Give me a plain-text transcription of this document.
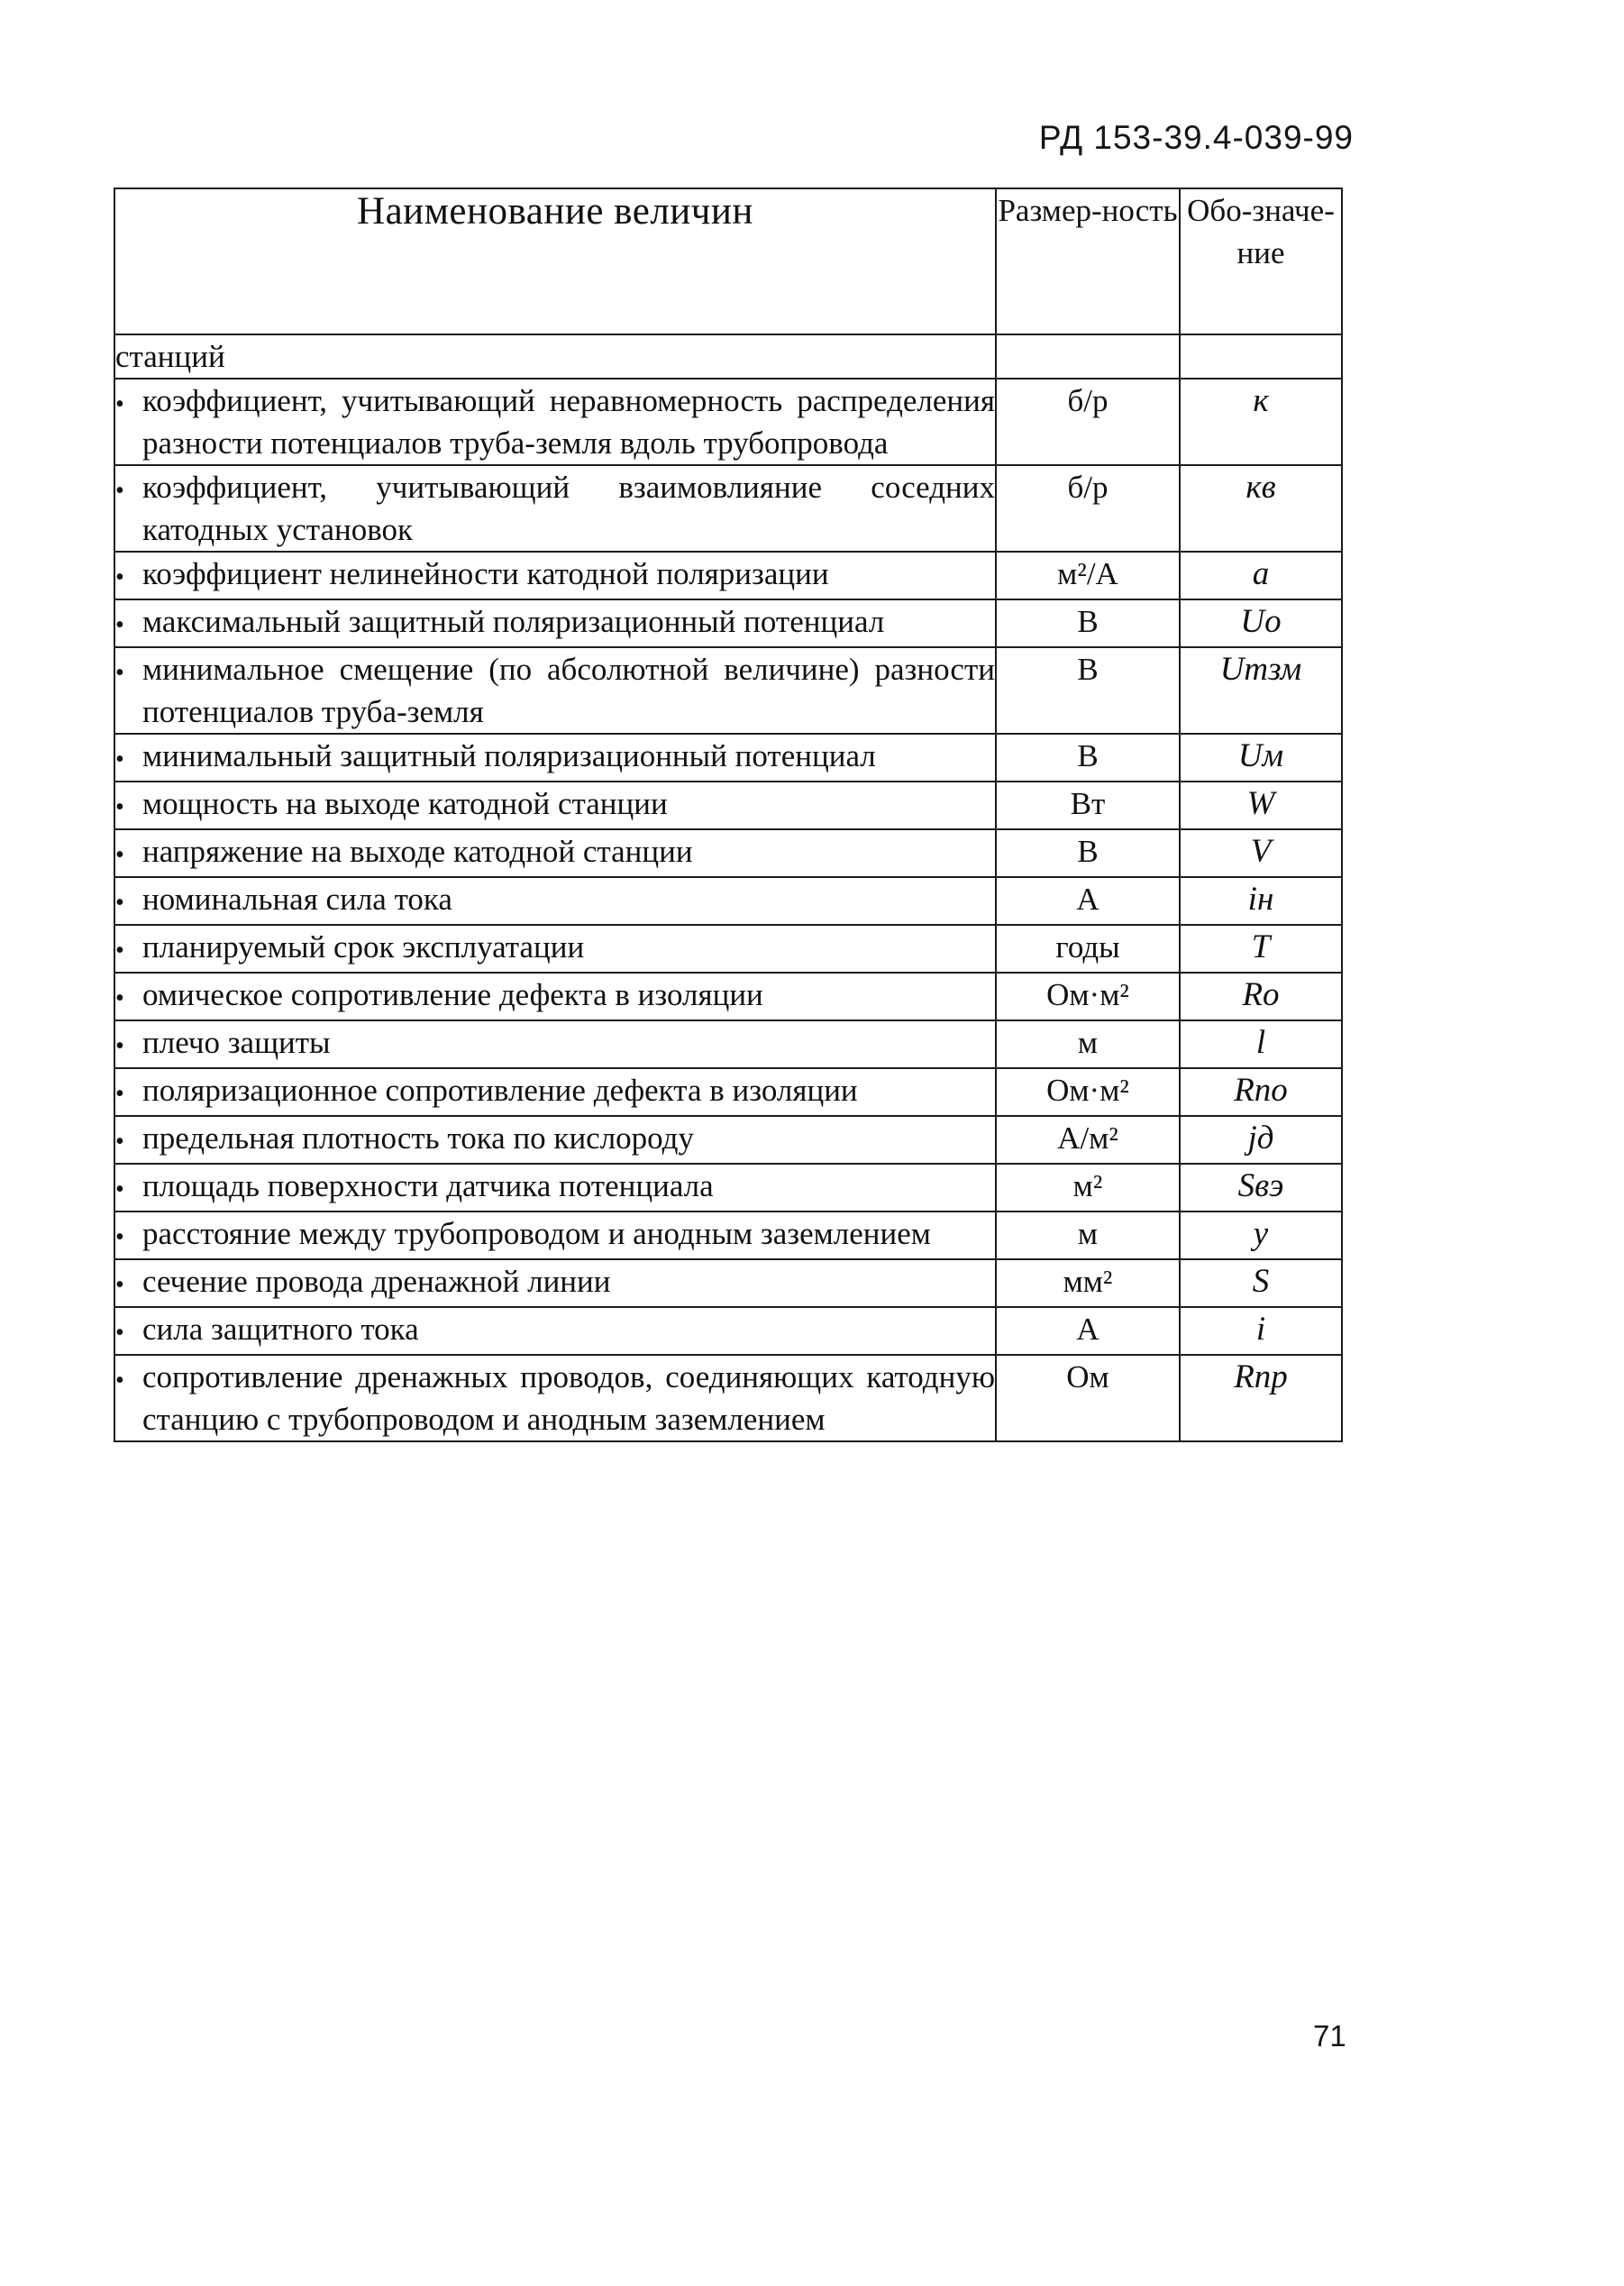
РД 153-39.4-039-99
Наименование величин	Размер-ность	Обо-значе-ние
станций		

• коэффициент, учитывающий неравномерность распределения разности потенциалов труба-земля вдоль трубопровода	б/р	к

• коэффициент, учитывающий взаимовлияние соседних катодных установок	б/р	кв

• коэффициент нелинейности катодной поляризации	м²/А	a

• максимальный защитный поляризационный потенциал	В	Uо

• минимальное смещение (по абсолютной величине) разности потенциалов труба-земля	В	Umзм

• минимальный защитный поляризационный потенциал	В	Uм

• мощность на выходе катодной станции	Вт	W

• напряжение на выходе катодной станции	В	V

• номинальная сила тока	А	iн

• планируемый срок эксплуатации	годы	T

• омическое сопротивление дефекта в изоляции	Ом·м²	Rо

• плечо защиты	м	l

• поляризационное сопротивление дефекта в изоляции	Ом·м²	Rпо

• предельная плотность тока по кислороду	А/м²	jд

• площадь поверхности датчика потенциала	м²	Sвэ

• расстояние между трубопроводом и анодным заземлением	м	y

• сечение провода дренажной линии	мм²	S

• сила защитного тока	А	i

• сопротивление дренажных проводов, соединяющих катодную станцию с трубопроводом и анодным заземлением	Ом	Rпр
71
